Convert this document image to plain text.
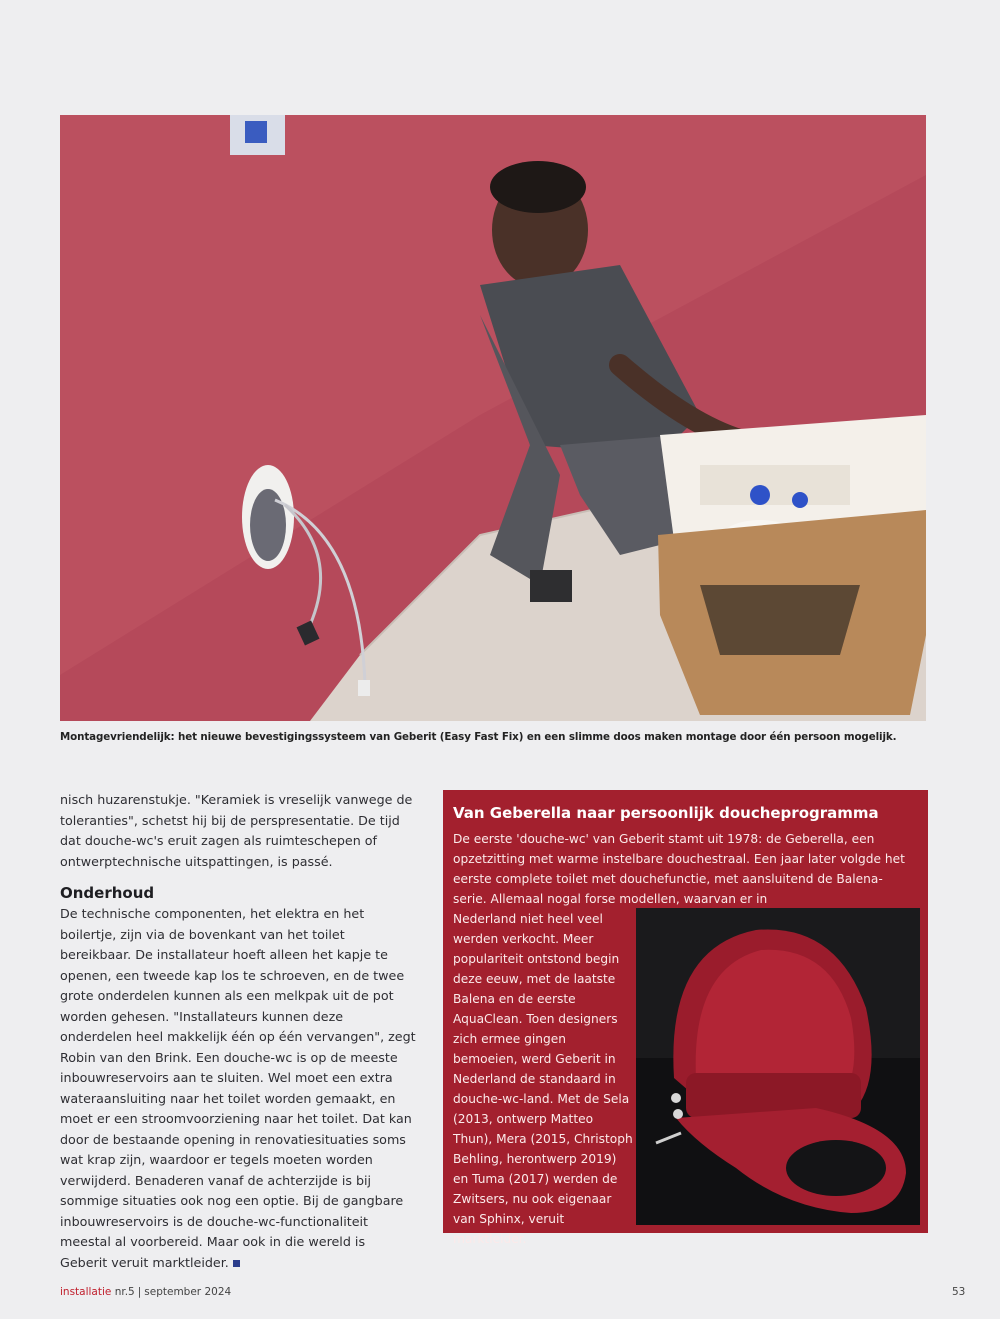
Montagevriendelijk: het nieuwe bevestigingssysteem van Geberit (Easy Fast Fix) en een slimme doos maken montage door één persoon mogelijk.

nisch huzarenstukje. "Keramiek is vreselijk vanwege de toleranties", schetst hij bij de perspresentatie. De tijd dat douche-wc's eruit zagen als ruimteschepen of ontwerptechnische uitspattingen, is passé.

Onderhoud

De technische componenten, het elektra en het boilertje, zijn via de bovenkant van het toilet bereikbaar. De installateur hoeft alleen het kapje te openen, een tweede kap los te schroeven, en de twee grote onderdelen kunnen als een melkpak uit de pot worden gehesen. "Installateurs kunnen deze onderdelen heel makkelijk één op één vervangen", zegt Robin van den Brink. Een douche-wc is op de meeste inbouwreservoirs aan te sluiten. Wel moet een extra wateraansluiting naar het toilet worden gemaakt, en moet er een stroomvoorziening naar het toilet. Dat kan door de bestaande opening in renovatiesituaties soms wat krap zijn, waardoor er tegels moeten worden verwijderd. Benaderen vanaf de achterzijde is bij sommige situaties ook nog een optie. Bij de gangbare inbouwreservoirs is de douche-wc-functionaliteit meestal al voorbereid. Maar ook in die wereld is Geberit veruit marktleider.

Van Geberella naar persoonlijk doucheprogramma

De eerste 'douche-wc' van Geberit stamt uit 1978: de Geberella, een opzetzitting met warme instelbare douchestraal. Een jaar later volgde het eerste complete toilet met douchefunctie, met aansluitend de Balena-serie. Allemaal nogal forse modellen, waarvan er in

Nederland niet heel veel werden verkocht. Meer populariteit ontstond begin deze eeuw, met de laatste Balena en de eerste AquaClean. Toen designers zich ermee gingen bemoeien, werd Geberit in Nederland de standaard in douche-wc-land. Met de Sela (2013, ontwerp Matteo Thun), Mera (2015, Christoph Behling, herontwerp 2019) en Tuma (2017) werden de Zwitsers, nu ook eigenaar van Sphinx, veruit marktleider.

installatie nr.5 | september 2024	53
